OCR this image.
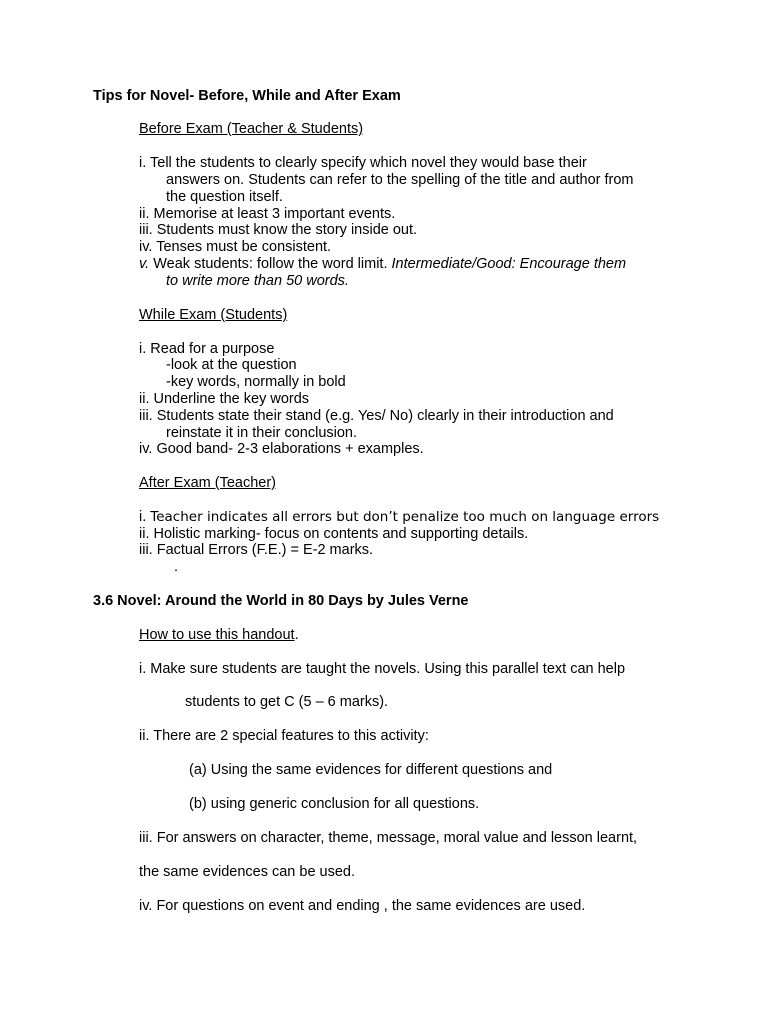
Tips for Novel- Before, While and After Exam
Before Exam (Teacher & Students)
i. Tell the students to clearly specify which novel they would base their
answers on. Students can refer to the spelling of the title and author from
the question itself.
ii. Memorise at least 3 important events.
iii. Students must know the story inside out.
iv. Tenses must be consistent.
v. Weak students: follow the word limit. Intermediate/Good: Encourage them
to write more than 50 words.
While Exam (Students)
i. Read for a purpose
-look at the question
-key words, normally in bold
ii. Underline the key words
iii. Students state their stand (e.g. Yes/ No) clearly in their introduction and
reinstate it in their conclusion.
iv. Good band- 2-3 elaborations + examples.
After Exam (Teacher)
i. Teacher indicates all errors but don’t penalize too much on language errors
ii. Holistic marking- focus on contents and supporting details.
iii. Factual Errors (F.E.) = E-2 marks.
.
3.6 Novel: Around the World in 80 Days by Jules Verne
How to use this handout.
i. Make sure students are taught the novels. Using this parallel text can help
students to get C (5 – 6 marks).
ii. There are 2 special features to this activity:
(a) Using the same evidences for different questions and
(b) using generic conclusion for all questions.
iii. For answers on character, theme, message, moral value and lesson learnt,
the same evidences can be used.
iv. For questions on event and ending , the same evidences are used.
